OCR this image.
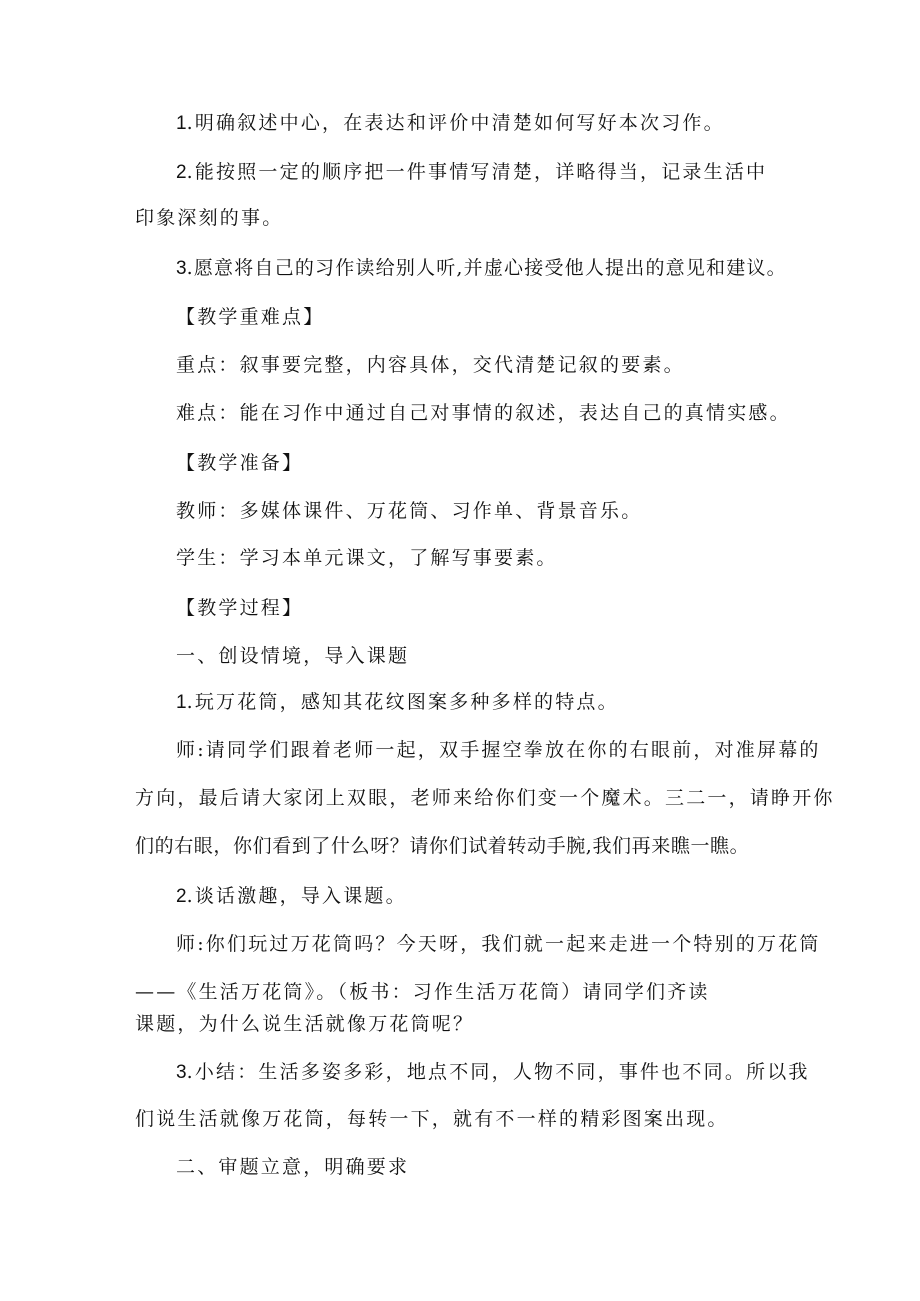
1.明确叙述中心，在表达和评价中清楚如何写好本次习作。
2.能按照一定的顺序把一件事情写清楚，详略得当，记录生活中
印象深刻的事。
3.愿意将自己的习作读给别人听,并虚心接受他人提出的意见和建议。
【教学重难点】
重点：叙事要完整，内容具体，交代清楚记叙的要素。
难点：能在习作中通过自己对事情的叙述，表达自己的真情实感。
【教学准备】
教师：多媒体课件、万花筒、习作单、背景音乐。
学生：学习本单元课文，了解写事要素。
【教学过程】
一、创设情境，导入课题
1.玩万花筒，感知其花纹图案多种多样的特点。
师:请同学们跟着老师一起，双手握空拳放在你的右眼前，对准屏幕的
方向，最后请大家闭上双眼，老师来给你们变一个魔术。三二一，请睁开你
们的右眼，你们看到了什么呀？请你们试着转动手腕,我们再来瞧一瞧。
2.谈话激趣，导入课题。
师:你们玩过万花筒吗？今天呀，我们就一起来走进一个特别的万花筒
——《生活万花筒》。（板书：习作生活万花筒）请同学们齐读
课题，为什么说生活就像万花筒呢？
3.小结：生活多姿多彩，地点不同，人物不同，事件也不同。所以我
们说生活就像万花筒，每转一下，就有不一样的精彩图案出现。
二、审题立意，明确要求
